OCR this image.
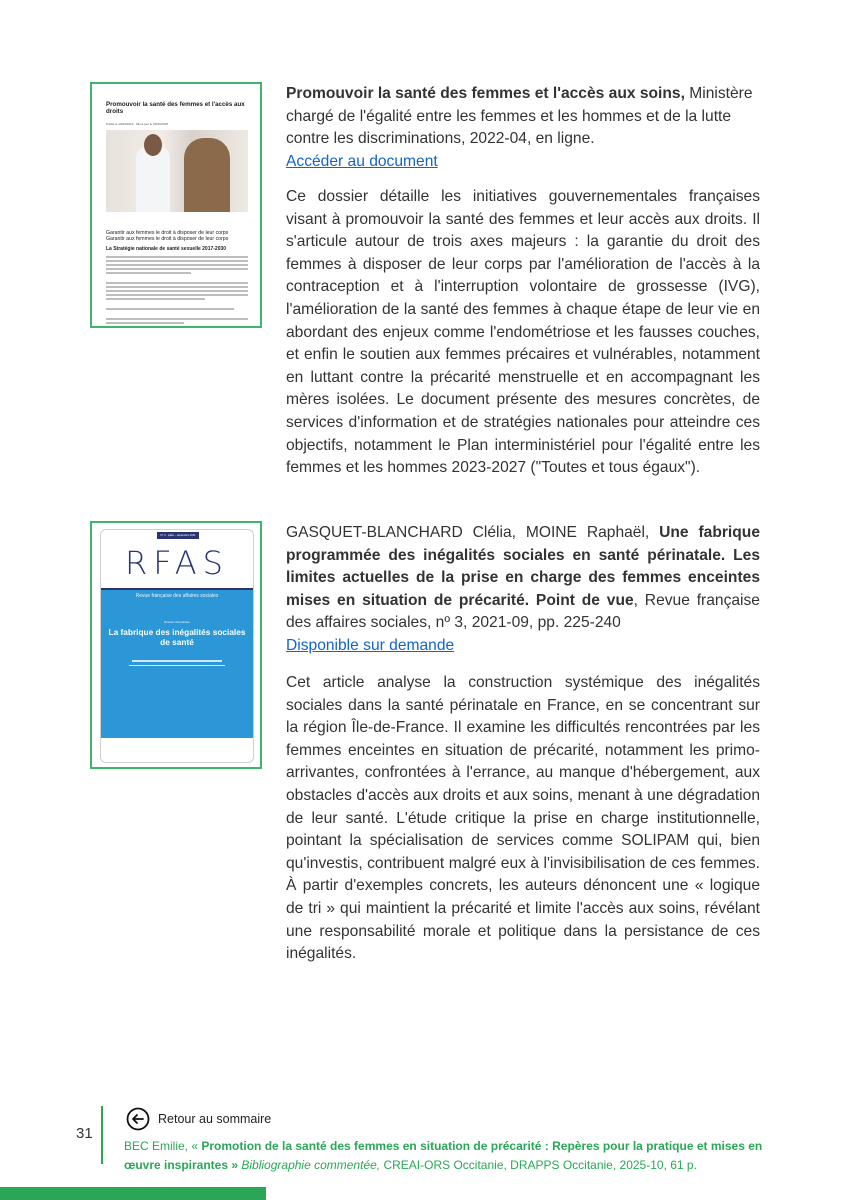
Promouvoir la santé des femmes et l'accès aux droits
Publié le 10/04/2023 · Mis à jour le 03/04/2025
Garantir aux femmes le droit à disposer de leur corps
Garantir aux femmes le droit à disposer de leur corps
La Stratégie nationale de santé sexuelle 2017-2030
Promouvoir la santé des femmes et l'accès aux soins, Ministère chargé de l'égalité entre les femmes et les hommes et de la lutte contre les discriminations, 2022-04, en ligne.
Accéder au document
Ce dossier détaille les initiatives gouvernementales françaises visant à promouvoir la santé des femmes et leur accès aux droits. Il s'articule autour de trois axes majeurs : la garantie du droit des femmes à disposer de leur corps par l'amélioration de l'accès à la contraception et à l'interruption volontaire de grossesse (IVG), l'amélioration de la santé des femmes à chaque étape de leur vie en abordant des enjeux comme l'endométriose et les fausses couches, et enfin le soutien aux femmes précaires et vulnérables, notamment en luttant contre la précarité menstruelle et en accompagnant les mères isolées. Le document présente des mesures concrètes, de services d'information et de stratégies nationales pour atteindre ces objectifs, notamment le Plan interministériel pour l'égalité entre les femmes et les hommes 2023-2027 ("Toutes et tous égaux").
N° 3 · juillet – septembre 2021
RFAS
Revue française des affaires sociales
Dossier thématique
La fabrique des inégalités sociales de santé
GASQUET-BLANCHARD Clélia, MOINE Raphaël, Une fabrique programmée des inégalités sociales en santé périnatale. Les limites actuelles de la prise en charge des femmes enceintes mises en situation de précarité. Point de vue, Revue française des affaires sociales, nº 3, 2021-09, pp. 225-240
Disponible sur demande
Cet article analyse la construction systémique des inégalités sociales dans la santé périnatale en France, en se concentrant sur la région Île-de-France. Il examine les difficultés rencontrées par les femmes enceintes en situation de précarité, notamment les primo-arrivantes, confrontées à l'errance, au manque d'hébergement, aux obstacles d'accès aux droits et aux soins, menant à une dégradation de leur santé. L'étude critique la prise en charge institutionnelle, pointant la spécialisation de services comme SOLIPAM qui, bien qu'investis, contribuent malgré eux à l'invisibilisation de ces femmes. À partir d'exemples concrets, les auteurs dénoncent une « logique de tri » qui maintient la précarité et limite l'accès aux soins, révélant une responsabilité morale et politique dans la persistance de ces inégalités.
31
Retour au sommaire
BEC Emilie, « Promotion de la santé des femmes en situation de précarité : Repères pour la pratique et mises en œuvre inspirantes » Bibliographie commentée, CREAI-ORS Occitanie, DRAPPS Occitanie, 2025-10, 61 p.
